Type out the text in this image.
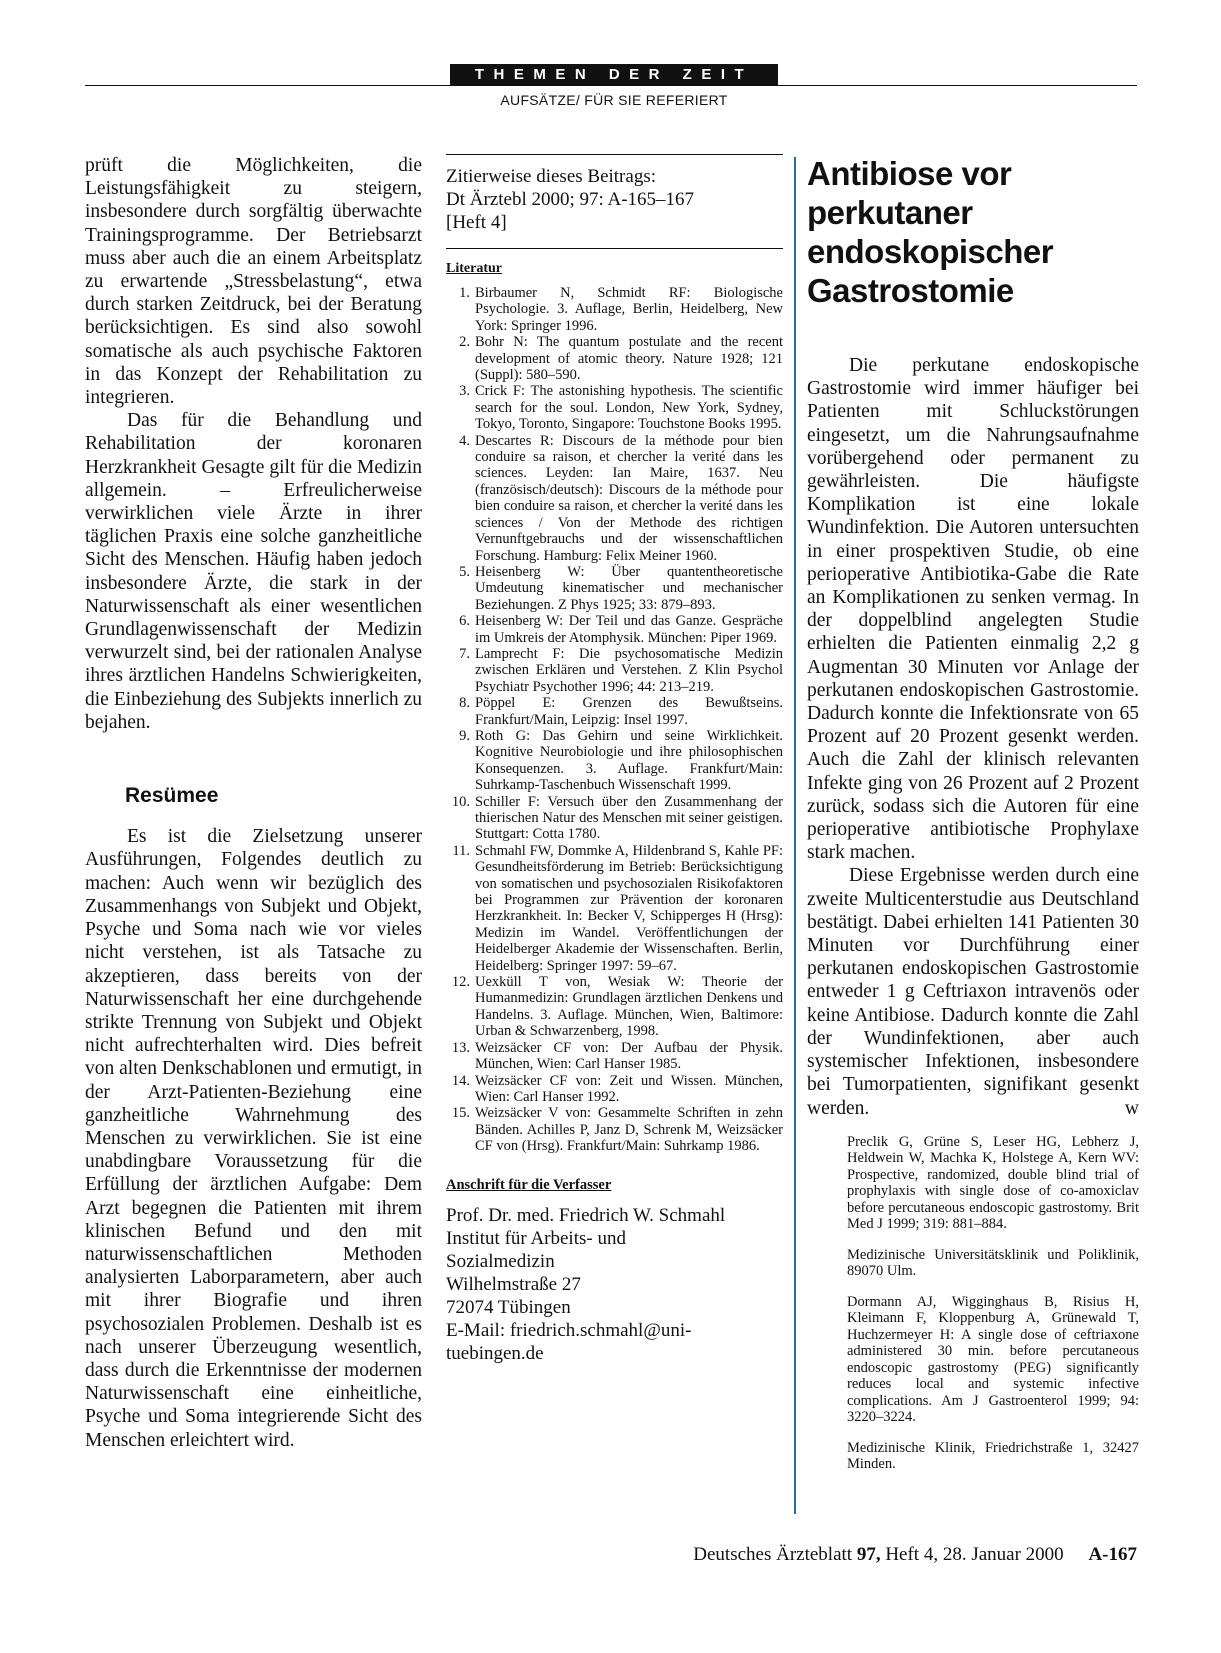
THEMEN DER ZEIT
AUFSÄTZE/ FÜR SIE REFERIERT

prüft die Möglichkeiten, die Leistungsfähigkeit zu steigern, insbesondere durch sorgfältig überwachte Trainingsprogramme. Der Betriebsarzt muss aber auch die an einem Arbeitsplatz zu erwartende „Stressbelastung“, etwa durch starken Zeitdruck, bei der Beratung berücksichtigen. Es sind also sowohl somatische als auch psychische Faktoren in das Konzept der Rehabilitation zu integrieren.

Das für die Behandlung und Rehabilitation der koronaren Herzkrankheit Gesagte gilt für die Medizin allgemein. – Erfreulicherweise verwirklichen viele Ärzte in ihrer täglichen Praxis eine solche ganzheitliche Sicht des Menschen. Häufig haben jedoch insbesondere Ärzte, die stark in der Naturwissenschaft als einer wesentlichen Grundlagenwissenschaft der Medizin verwurzelt sind, bei der rationalen Analyse ihres ärztlichen Handelns Schwierigkeiten, die Einbeziehung des Subjekts innerlich zu bejahen.

Resümee

Es ist die Zielsetzung unserer Ausführungen, Folgendes deutlich zu machen: Auch wenn wir bezüglich des Zusammenhangs von Subjekt und Objekt, Psyche und Soma nach wie vor vieles nicht verstehen, ist als Tatsache zu akzeptieren, dass bereits von der Naturwissenschaft her eine durchgehende strikte Trennung von Subjekt und Objekt nicht aufrechterhalten wird. Dies befreit von alten Denkschablonen und ermutigt, in der Arzt-Patienten-Beziehung eine ganzheitliche Wahrnehmung des Menschen zu verwirklichen. Sie ist eine unabdingbare Voraussetzung für die Erfüllung der ärztlichen Aufgabe: Dem Arzt begegnen die Patienten mit ihrem klinischen Befund und den mit naturwissenschaftlichen Methoden analysierten Laborparametern, aber auch mit ihrer Biografie und ihren psychosozialen Problemen. Deshalb ist es nach unserer Überzeugung wesentlich, dass durch die Erkenntnisse der modernen Naturwissenschaft eine einheitliche, Psyche und Soma integrierende Sicht des Menschen erleichtert wird.

Zitierweise dieses Beitrags:
Dt Ärztebl 2000; 97: A-165–167
[Heft 4]
Literatur
1. Birbaumer N, Schmidt RF: Biologische Psychologie. 3. Auflage, Berlin, Heidelberg, New York: Springer 1996.
2. Bohr N: The quantum postulate and the recent development of atomic theory. Nature 1928; 121 (Suppl): 580–590.
3. Crick F: The astonishing hypothesis. The scientific search for the soul. London, New York, Sydney, Tokyo, Toronto, Singapore: Touchstone Books 1995.
4. Descartes R: Discours de la méthode pour bien conduire sa raison, et chercher la verité dans les sciences. Leyden: Ian Maire, 1637. Neu (französisch/deutsch): Discours de la méthode pour bien conduire sa raison, et chercher la verité dans les sciences / Von der Methode des richtigen Vernunftgebrauchs und der wissenschaftlichen Forschung. Hamburg: Felix Meiner 1960.
5. Heisenberg W: Über quantentheoretische Umdeutung kinematischer und mechanischer Beziehungen. Z Phys 1925; 33: 879–893.
6. Heisenberg W: Der Teil und das Ganze. Gespräche im Umkreis der Atomphysik. München: Piper 1969.
7. Lamprecht F: Die psychosomatische Medizin zwischen Erklären und Verstehen. Z Klin Psychol Psychiatr Psychother 1996; 44: 213–219.
8. Pöppel E: Grenzen des Bewußtseins. Frankfurt/Main, Leipzig: Insel 1997.
9. Roth G: Das Gehirn und seine Wirklichkeit. Kognitive Neurobiologie und ihre philosophischen Konsequenzen. 3. Auflage. Frankfurt/Main: Suhrkamp-Taschenbuch Wissenschaft 1999.
10. Schiller F: Versuch über den Zusammenhang der thierischen Natur des Menschen mit seiner geistigen. Stuttgart: Cotta 1780.
11. Schmahl FW, Dommke A, Hildenbrand S, Kahle PF: Gesundheitsförderung im Betrieb: Berücksichtigung von somatischen und psychosozialen Risikofaktoren bei Programmen zur Prävention der koronaren Herzkrankheit. In: Becker V, Schipperges H (Hrsg): Medizin im Wandel. Veröffentlichungen der Heidelberger Akademie der Wissenschaften. Berlin, Heidelberg: Springer 1997: 59–67.
12. Uexküll T von, Wesiak W: Theorie der Humanmedizin: Grundlagen ärztlichen Denkens und Handelns. 3. Auflage. München, Wien, Baltimore: Urban & Schwarzenberg, 1998.
13. Weizsäcker CF von: Der Aufbau der Physik. München, Wien: Carl Hanser 1985.
14. Weizsäcker CF von: Zeit und Wissen. München, Wien: Carl Hanser 1992.
15. Weizsäcker V von: Gesammelte Schriften in zehn Bänden. Achilles P, Janz D, Schrenk M, Weizsäcker CF von (Hrsg). Frankfurt/Main: Suhrkamp 1986.
Anschrift für die Verfasser
Prof. Dr. med. Friedrich W. Schmahl
Institut für Arbeits- und
Sozialmedizin
Wilhelmstraße 27
72074 Tübingen
E-Mail: friedrich.schmahl@uni-
tuebingen.de
Antibiose vor perkutaner endoskopischer Gastrostomie

Die perkutane endoskopische Gastrostomie wird immer häufiger bei Patienten mit Schluckstörungen eingesetzt, um die Nahrungsaufnahme vorübergehend oder permanent zu gewährleisten. Die häufigste Komplikation ist eine lokale Wundinfektion. Die Autoren untersuchten in einer prospektiven Studie, ob eine perioperative Antibiotika-Gabe die Rate an Komplikationen zu senken vermag. In der doppelblind angelegten Studie erhielten die Patienten einmalig 2,2 g Augmentan 30 Minuten vor Anlage der perkutanen endoskopischen Gastrostomie. Dadurch konnte die Infektionsrate von 65 Prozent auf 20 Prozent gesenkt werden. Auch die Zahl der klinisch relevanten Infekte ging von 26 Prozent auf 2 Prozent zurück, sodass sich die Autoren für eine perioperative antibiotische Prophylaxe stark machen.

Diese Ergebnisse werden durch eine zweite Multicenterstudie aus Deutschland bestätigt. Dabei erhielten 141 Patienten 30 Minuten vor Durchführung einer perkutanen endoskopischen Gastrostomie entweder 1 g Ceftriaxon intravenös oder keine Antibiose. Dadurch konnte die Zahl der Wundinfektionen, aber auch systemischer Infektionen, insbesondere bei Tumorpatienten, signifikant gesenkt werden.	w

Preclik G, Grüne S, Leser HG, Lebherz J, Heldwein W, Machka K, Holstege A, Kern WV: Prospective, randomized, double blind trial of prophylaxis with single dose of co-amoxiclav before percutaneous endoscopic gastrostomy. Brit Med J 1999; 319: 881–884.

Medizinische Universitätsklinik und Poliklinik, 89070 Ulm.

Dormann AJ, Wigginghaus B, Risius H, Kleimann F, Kloppenburg A, Grünewald T, Huchzermeyer H: A single dose of ceftriaxone administered 30 min. before percutaneous endoscopic gastrostomy (PEG) significantly reduces local and systemic infective complications. Am J Gastroenterol 1999; 94: 3220–3224.

Medizinische Klinik, Friedrichstraße 1, 32427 Minden.

Deutsches Ärzteblatt 97, Heft 4, 28. Januar 2000 A-167
